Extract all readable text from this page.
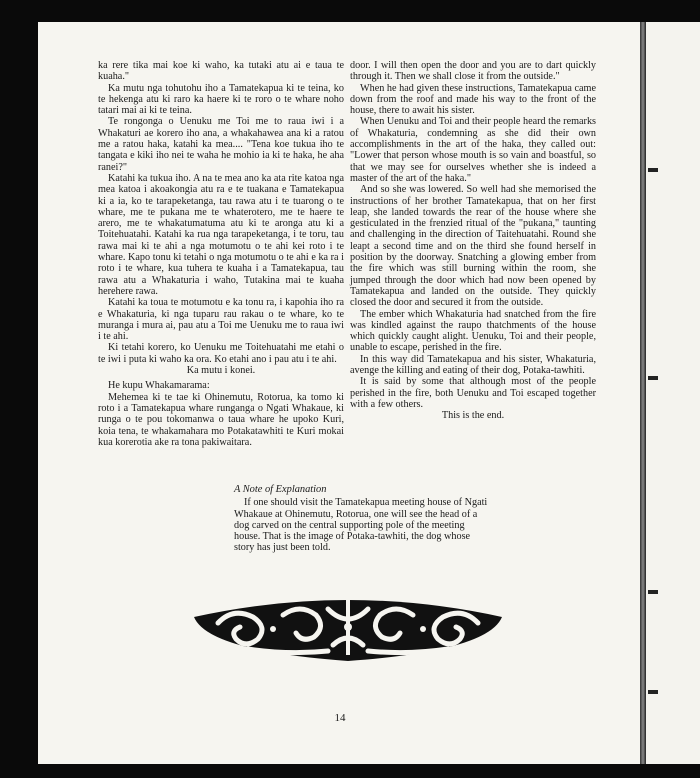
ka rere tika mai koe ki waho, ka tutaki atu ai e taua te kuaha."

Ka mutu nga tohutohu iho a Tamatekapua ki te teina, ko te hekenga atu ki raro ka haere ki te roro o te whare noho tatari mai ai ki te teina.

Te rongonga o Uenuku me Toi me to raua iwi i a Whakaturi ae korero iho ana, a whakahawea ana ki a ratou me a ratou haka, katahi ka mea.... "Tena koe tukua iho te tangata e kiki iho nei te waha he mohio ia ki te haka, he aha ranei?"

Katahi ka tukua iho. A na te mea ano ka ata rite katoa nga mea katoa i akoakongia atu ra e te tuakana e Tamatekapua ki a ia, ko te tarapeketanga, tau rawa atu i te tuarong o te whare, me te pukana me te whaterotero, me te haere te arero, me te whakatumatuma atu ki te aronga atu ki a Toitehuatahi. Katahi ka rua nga tarapeketanga, i te toru, tau rawa mai ki te ahi a nga motumotu o te ahi kei roto i te whare. Kapo tonu ki tetahi o nga motumotu o te ahi e ka ra i roto i te whare, kua tuhera te kuaha i a Tamatekapua, tau rawa atu a Whakaturia i waho, Tutakina mai te kuaha herehere rawa.

Katahi ka toua te motumotu e ka tonu ra, i kapohia iho ra e Whakaturia, ki nga tuparu rau rakau o te whare, ko te muranga i mura ai, pau atu a Toi me Uenuku me to raua iwi i te ahi.

Ki tetahi korero, ko Uenuku me Toitehuatahi me etahi o te iwi i puta ki waho ka ora. Ko etahi ano i pau atu i te ahi.

Ka mutu i konei.

He kupu Whakamarama:

Mehemea ki te tae ki Ohinemutu, Rotorua, ka tomo ki roto i a Tamatekapua whare runganga o Ngati Whakaue, ki runga o te pou tokomanwa o taua whare he upoko Kuri, koia tena, te whakamahara mo Potakatawhiti te Kuri mokai kua korerotia ake ra tona pakiwaitara.

door. I will then open the door and you are to dart quickly through it. Then we shall close it from the outside."

When he had given these instructions, Tamatekapua came down from the roof and made his way to the front of the house, there to await his sister.

When Uenuku and Toi and their people heard the remarks of Whakaturia, condemning as she did their own accomplishments in the art of the haka, they called out: "Lower that person whose mouth is so vain and boastful, so that we may see for ourselves whether she is indeed a master of the art of the haka."

And so she was lowered. So well had she memorised the instructions of her brother Tamatekapua, that on her first leap, she landed towards the rear of the house where she gesticulated in the frenzied ritual of the "pukana," taunting and challenging in the direction of Taitehuatahi. Round she leapt a second time and on the third she found herself in position by the doorway. Snatching a glowing ember from the fire which was still burning within the room, she jumped through the door which had now been opened by Tamatekapua and landed on the outside. They quickly closed the door and secured it from the outside.

The ember which Whakaturia had snatched from the fire was kindled against the raupo thatchments of the house which quickly caught alight. Uenuku, Toi and their people, unable to escape, perished in the fire.

In this way did Tamatekapua and his sister, Whakaturia, avenge the killing and eating of their dog, Potaka-tawhiti.

It is said by some that although most of the people perished in the fire, both Uenuku and Toi escaped together with a few others.

This is the end.

A Note of Explanation

If one should visit the Tamatekapua meeting house of Ngati Whakaue at Ohinemutu, Rotorua, one will see the head of a dog carved on the central supporting pole of the meeting house. That is the image of Potaka-tawhiti, the dog whose story has just been told.

14
